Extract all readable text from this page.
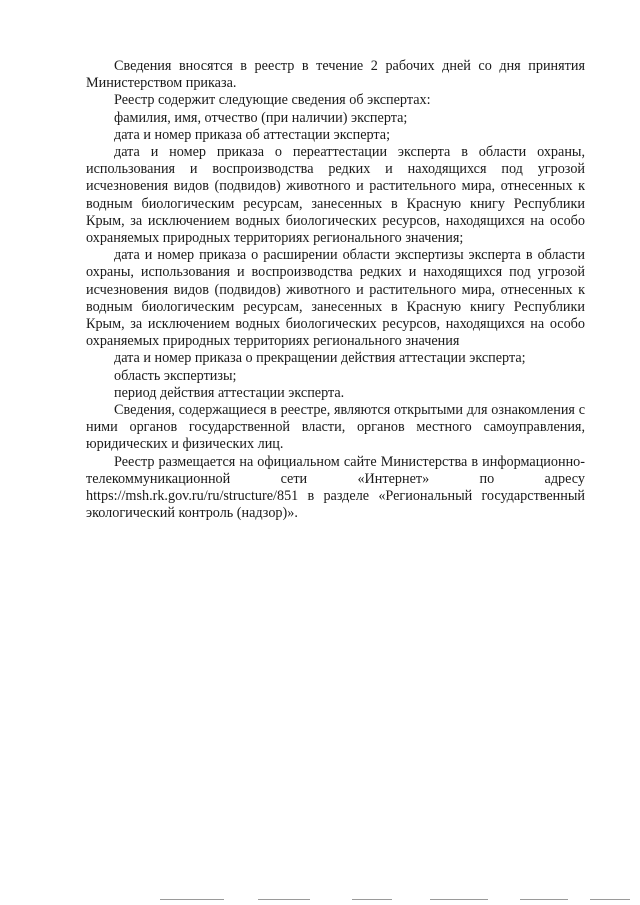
Сведения вносятся в реестр в течение 2 рабочих дней со дня принятия Министерством приказа.

Реестр содержит следующие сведения об экспертах:

фамилия, имя, отчество (при наличии) эксперта;

дата и номер приказа об аттестации эксперта;

дата и номер приказа о переаттестации эксперта в области охраны, использования и воспроизводства редких и находящихся под угрозой исчезновения видов (подвидов) животного и растительного мира, отнесенных к водным биологическим ресурсам, занесенных в Красную книгу Республики Крым, за исключением водных биологических ресурсов, находящихся на особо охраняемых природных территориях регионального значения;

дата и номер приказа о расширении области экспертизы эксперта в области охраны, использования и воспроизводства редких и находящихся под угрозой исчезновения видов (подвидов) животного и растительного мира, отнесенных к водным биологическим ресурсам, занесенных в Красную книгу Республики Крым, за исключением водных биологических ресурсов, находящихся на особо охраняемых природных территориях регионального значения

дата и номер приказа о прекращении действия аттестации эксперта;

область экспертизы;

период действия аттестации эксперта.

Сведения, содержащиеся в реестре, являются открытыми для ознакомления с ними органов государственной власти, органов местного самоуправления, юридических и физических лиц.

Реестр размещается на официальном сайте Министерства в информационно-телекоммуникационной сети «Интернет» по адресу https://msh.rk.gov.ru/ru/structure/851 в разделе «Региональный государственный экологический контроль (надзор)».
